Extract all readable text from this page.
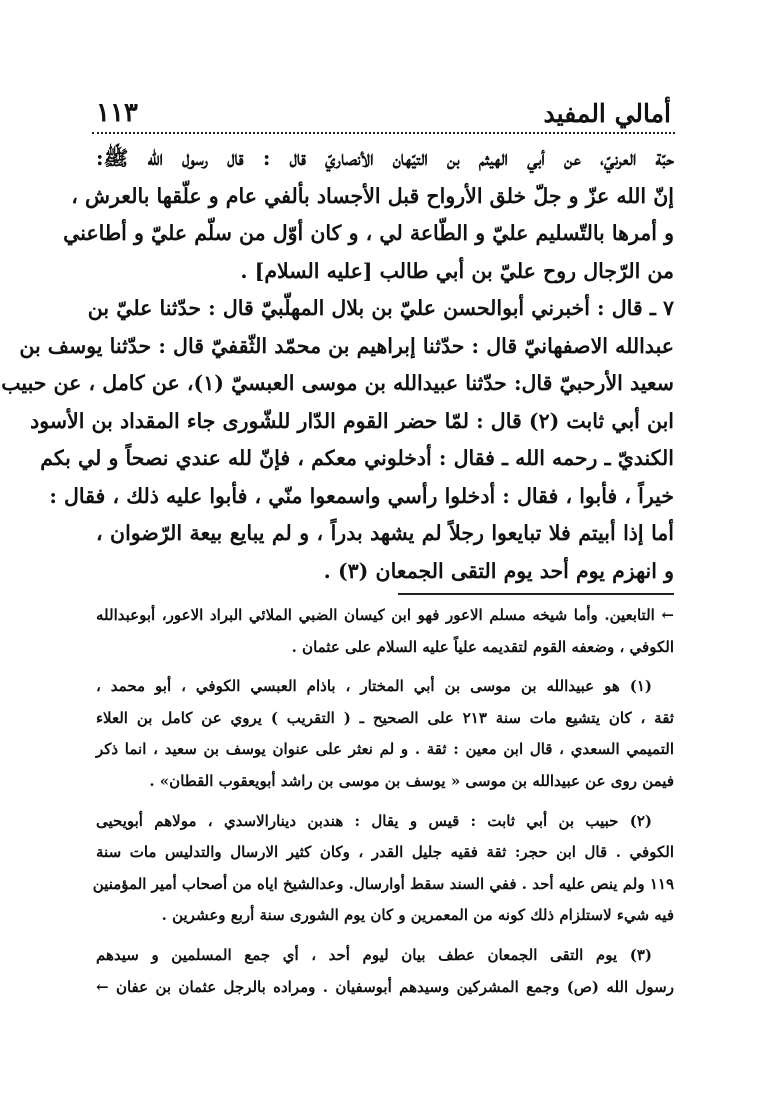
أمالي المفيد
١١٣
حبّة العرنيّ، عن أبي الهيثم بن التيّهان الأنصاريّ قال : قال رسول الله ﷺ:
إنّ الله عزّ و جلّ خلق الأرواح قبل الأجساد بألفي عام و علّقها بالعرش ،
و أمرها بالتّسليم عليّ و الطّاعة لي ، و كان أوّل من سلّم عليّ و أطاعني
من الرّجال روح عليّ بن أبي طالب [عليه السلام] .
٧ ـ قال : أخبرني أبوالحسن عليّ بن بلال المهلّبيّ قال : حدّثنا عليّ بن
عبدالله الاصفهانيّ قال : حدّثنا إبراهيم بن محمّد الثّقفيّ قال : حدّثنا يوسف بن
سعيد الأرحبيّ قال: حدّثنا عبيدالله بن موسى العبسيّ (١)، عن كامل ، عن حبيب
ابن أبي ثابت (٢) قال : لمّا حضر القوم الدّار للشّورى جاء المقداد بن الأسود
الكنديّ ـ رحمه الله ـ فقال : أدخلوني معكم ، فإنّ لله عندي نصحاً و لي بكم
خيراً ، فأبوا ، فقال : أدخلوا رأسي واسمعوا منّي ، فأبوا عليه ذلك ، فقال :
أما إذا أبيتم فلا تبايعوا رجلاً لم يشهد بدراً ، و لم يبايع بيعة الرّضوان ،
و انهزم يوم أحد يوم التقى الجمعان (٣) .
← التابعين. وأما شيخه مسلم الاعور فهو ابن كيسان الضبي الملائي البراد الاعور، أبوعبدالله
الكوفي ، وضعفه القوم لتقديمه علياً عليه السلام على عثمان .
(١) هو عبيدالله بن موسى بن أبي المختار ، باذام العبسي الكوفي ، أبو محمد ،
ثقة ، كان يتشيع مات سنة ٢١٣ على الصحيح ـ ( التقريب ) يروي عن كامل بن العلاء
التميمي السعدي ، قال ابن معين : ثقة . و لم نعثر على عنوان يوسف بن سعيد ، انما ذكر
فيمن روى عن عبيدالله بن موسى « يوسف بن موسى بن راشد أبويعقوب القطان» .
(٢) حبيب بن أبي ثابت : قيس و يقال : هندبن دينارالاسدي ، مولاهم أبويحيى
الكوفي . قال ابن حجر: ثقة فقيه جليل القدر ، وكان كثير الارسال والتدليس مات سنة
١١٩ ولم ينص عليه أحد . ففي السند سقط أوارسال. وعدالشيخ اياه من أصحاب أمير المؤمنين
فيه شيء لاستلزام ذلك كونه من المعمرين و كان يوم الشورى سنة أربع وعشرين .
(٣) يوم التقى الجمعان عطف بيان ليوم أحد ، أي جمع المسلمين و سيدهم
رسول الله (ص) وجمع المشركين وسيدهم أبوسفيان . ومراده بالرجل عثمان بن عفان ←
